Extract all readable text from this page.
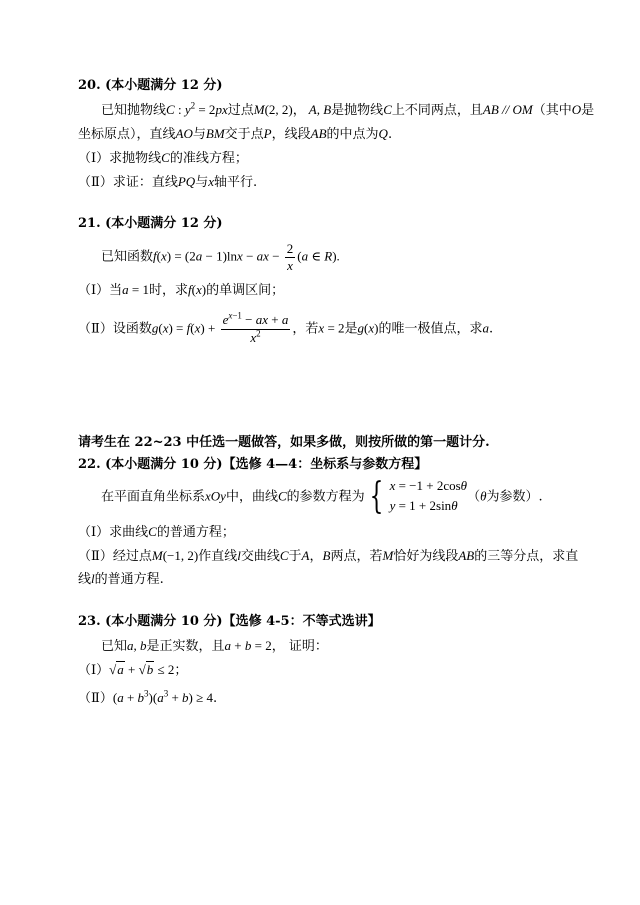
20. (本小题满分 12 分)
已知抛物线C : $y^2 = 2px$过点M(2, 2)， A, B是抛物线C上不同两点，且AB // OM（其中O是
坐标原点），直线AO与BM交于点P，线段AB的中点为Q.
（Ⅰ）求抛物线C的准线方程；
（Ⅱ）求证：直线PQ与x轴平行.
21. (本小题满分 12 分)
已知函数f(x) = (2a − 1)lnx − ax − $\frac{2}{x} (a$ ∈ R).
（Ⅰ）当a = 1时，求f(x)的单调区间；
（Ⅱ）设函数$g(x) = f(x) + \frac{e^{x-1} - ax + a}{x^2}$ ，若x = 2是g(x)的唯一极值点，求a.
请考生在 22~23 中任选一题做答，如果多做，则按所做的第一题计分.
22. (本小题满分 10 分)【选修 4—4：坐标系与参数方程】
在平面直角坐标系xOy中，曲线C的参数方程为 { x = −1 + 2cosθ
y = 1 + 2sinθ
（θ为参数）.
（Ⅰ）求曲线C的普通方程；
（Ⅱ）经过点M(−1, 2)作直线l交曲线C于A，B两点，若M恰好为线段AB的三等分点，求直
线l的普通方程.
23. (本小题满分 10 分)【选修 4-5：不等式选讲】
已知a, b是正实数，且a + b = 2， 证明：
（Ⅰ）√a + √b ≤ 2；
（Ⅱ）(a + $b^3)(a^3 + b) \ge 4$.
